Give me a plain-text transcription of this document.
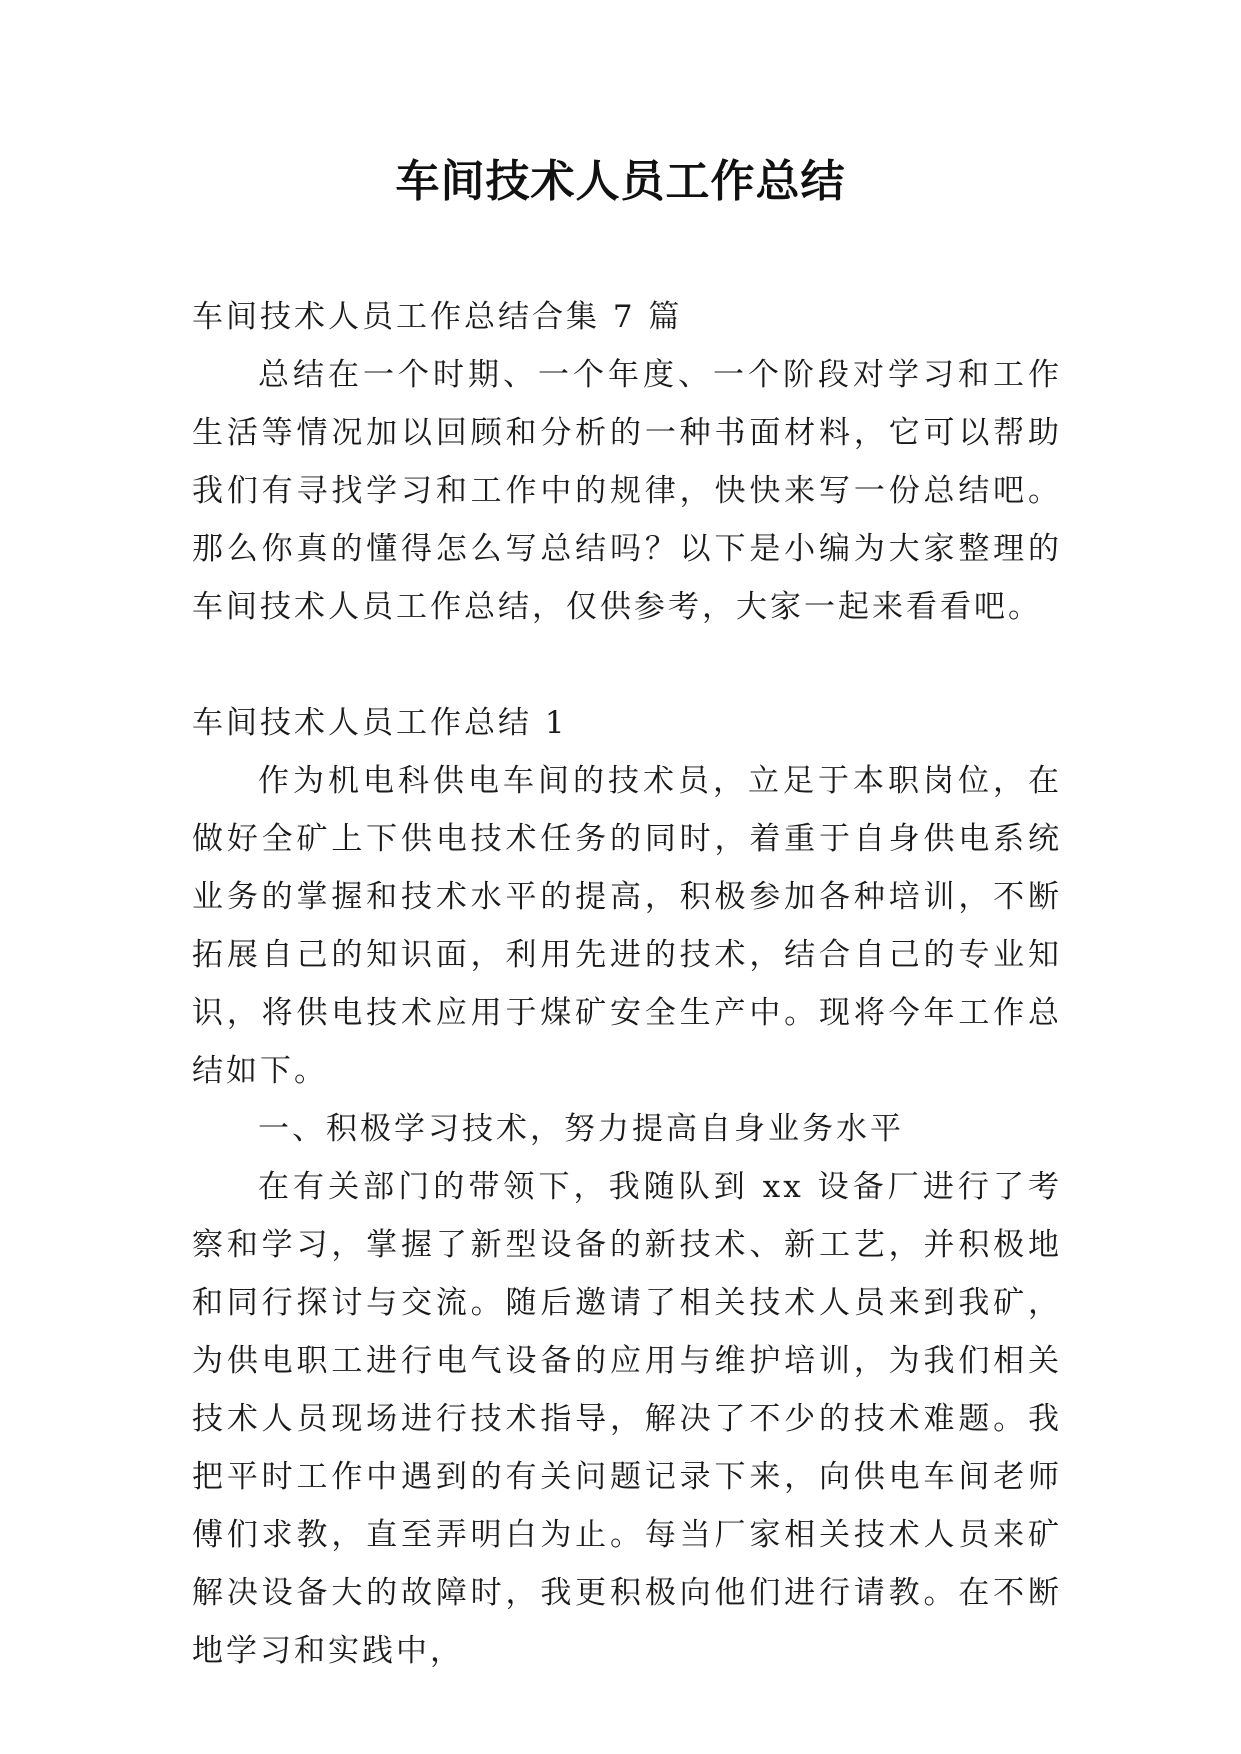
车间技术人员工作总结

车间技术人员工作总结合集 7 篇

总结在一个时期、一个年度、一个阶段对学习和工作生活等情况加以回顾和分析的一种书面材料，它可以帮助我们有寻找学习和工作中的规律，快快来写一份总结吧。那么你真的懂得怎么写总结吗？以下是小编为大家整理的车间技术人员工作总结，仅供参考，大家一起来看看吧。

车间技术人员工作总结 1

作为机电科供电车间的技术员，立足于本职岗位，在做好全矿上下供电技术任务的同时，着重于自身供电系统业务的掌握和技术水平的提高，积极参加各种培训，不断拓展自己的知识面，利用先进的技术，结合自己的专业知识，将供电技术应用于煤矿安全生产中。现将今年工作总结如下。

一、积极学习技术，努力提高自身业务水平

在有关部门的带领下，我随队到 xx 设备厂进行了考察和学习，掌握了新型设备的新技术、新工艺，并积极地和同行探讨与交流。随后邀请了相关技术人员来到我矿，为供电职工进行电气设备的应用与维护培训，为我们相关技术人员现场进行技术指导，解决了不少的技术难题。我把平时工作中遇到的有关问题记录下来，向供电车间老师傅们求教，直至弄明白为止。每当厂家相关技术人员来矿解决设备大的故障时，我更积极向他们进行请教。在不断地学习和实践中，
